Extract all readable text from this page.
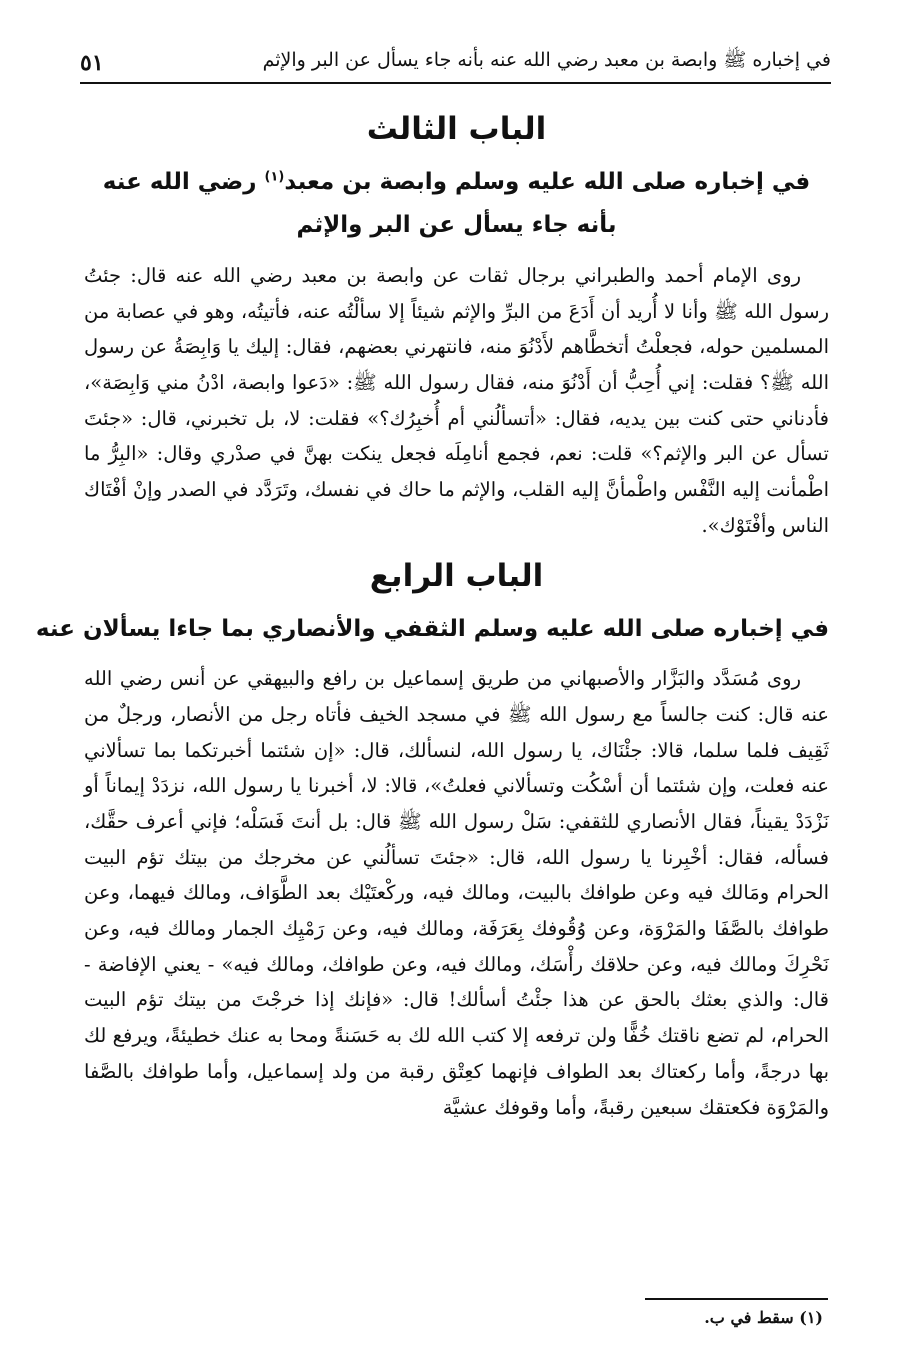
في إخباره ﷺ وابصة بن معبد رضي الله عنه بأنه جاء يسأل عن البر والإثم
٥١
الباب الثالث
في إخباره صلى الله عليه وسلم وابصة بن معبد$^{(١)}$ رضي الله عنه بأنه جاء يسأل عن البر والإثم

روى الإمام أحمد والطبراني برجال ثقات عن وابصة بن معبد رضي الله عنه قال: جئتُ رسول الله ﷺ وأنا لا أُريد أن أَدَعَ من البرِّ والإثم شيئاً إلا سألْتُه عنه، فأتيتُه، وهو في عصابة من المسلمين حوله، فجعلْتُ أتخطَّاهم لأَدْنُوَ منه، فانتهرني بعضهم، فقال: إليك يا وَابِصَةُ عن رسول الله ﷺ؟ فقلت: إني أُحِبُّ أن أَدْنُوَ منه، فقال رسول الله ﷺ: «دَعوا وابصة، ادْنُ مني وَابِصَة»، فأدناني حتى كنت بين يديه، فقال: «أتسألُني أم أُخبِرُك؟» فقلت: لا، بل تخبرني، قال: «جئتَ تسأل عن البر والإثم؟» قلت: نعم، فجمع أنامِلَه فجعل ينكت بهنَّ في صدْري وقال: «البِرُّ ما اطْمأنت إليه النَّفْس واطْمأنَّ إليه القلب، والإثم ما حاك في نفسك، وتَرَدَّد في الصدر وإنْ أفْتَاك الناس وأفْتَوْك».

الباب الرابع
في إخباره صلى الله عليه وسلم الثقفي والأنصاري بما جاءا يسألان عنه

روى مُسَدَّد والبَزَّار والأصبهاني من طريق إسماعيل بن رافع والبيهقي عن أنس رضي الله عنه قال: كنت جالساً مع رسول الله ﷺ في مسجد الخيف فأتاه رجل من الأنصار، ورجلٌ من ثَقِيف فلما سلما، قالا: جئْنَاك، يا رسول الله، لنسألك، قال: «إن شئتما أخبرتكما بما تسألاني عنه فعلت، وإن شئتما أن أسْكُت وتسألاني فعلتُ»، قالا: لا، أخبرنا يا رسول الله، نزدَدْ إيماناً أو نَزْدَدْ يقيناً، فقال الأنصاري للثقفي: سَلْ رسول الله ﷺ قال: بل أنتَ فَسَلْه؛ فإني أعرف حقَّك، فسأله، فقال: أخْبِرنا يا رسول الله، قال: «جئتَ تسألُني عن مخرجك من بيتك تؤم البيت الحرام ومَالك فيه وعن طوافك بالبيت، ومالك فيه، وركْعتَيْك بعد الطَّوَاف، ومالك فيهما، وعن طوافك بالصَّفَا والمَرْوَة، وعن وُقُوفك بِعَرَفَة، ومالك فيه، وعن رَمْيِك الجمار ومالك فيه، وعن نَحْرِكَ ومالك فيه، وعن حلاقك رأْسَك، ومالك فيه، وعن طوافك، ومالك فيه» - يعني الإفاضة - قال: والذي بعثك بالحق عن هذا جئْتُ أسألك! قال: «فإنك إذا خرجْتَ من بيتك تؤم البيت الحرام، لم تضع ناقتك خُفًّا ولن ترفعه إلا كتب الله لك به حَسَنةً ومحا به عنك خطيئةً، ويرفع لك بها درجةً، وأما ركعتاك بعد الطواف فإنهما كعِتْق رقبة من ولد إسماعيل، وأما طوافك بالصَّفا والمَرْوَة فكعتقك سبعين رقبةً، وأما وقوفك عشيَّة

(١) سقط في ب.
